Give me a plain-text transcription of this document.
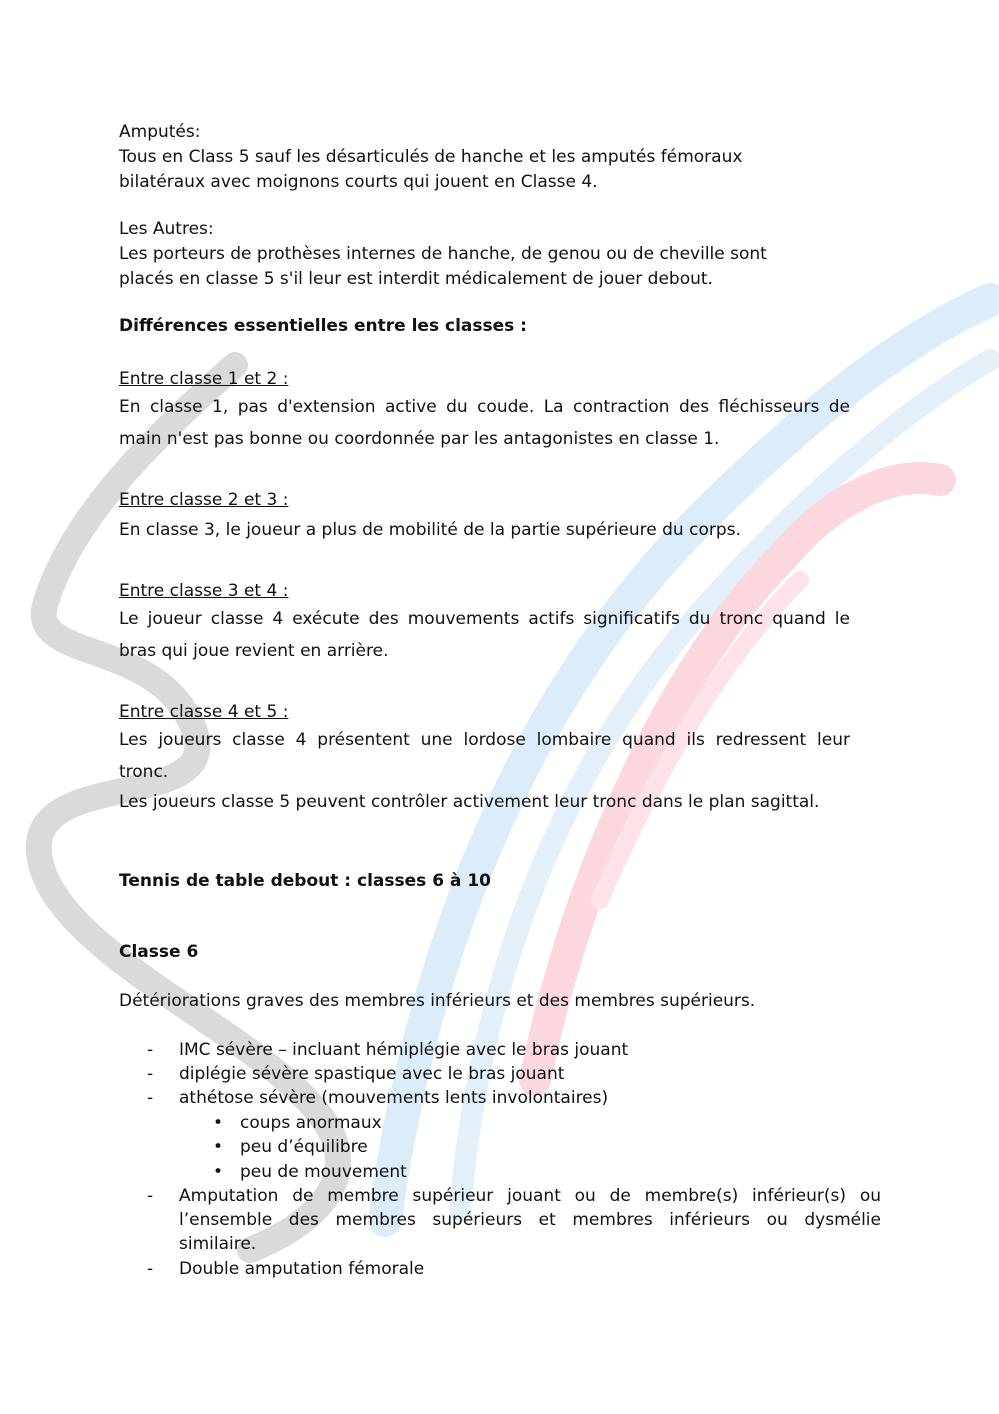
Amputés:
Tous en Class 5 sauf les désarticulés de hanche et les amputés fémoraux
bilatéraux avec moignons courts qui jouent en Classe 4.
Les Autres:
Les porteurs de prothèses internes de hanche, de genou ou de cheville sont
placés en classe 5 s'il leur est interdit médicalement de jouer debout.
Différences essentielles entre les classes :
Entre classe 1 et 2 :
En classe 1, pas d'extension active du coude. La contraction des fléchisseurs de
main n'est pas bonne ou coordonnée par les antagonistes en classe 1.
Entre classe 2 et 3 :
En classe 3, le joueur a plus de mobilité de la partie supérieure du corps.
Entre classe 3 et 4 :
Le joueur classe 4 exécute des mouvements actifs significatifs du tronc quand le
bras qui joue revient en arrière.
Entre classe 4 et 5 :
Les joueurs classe 4 présentent une lordose lombaire quand ils redressent leur
tronc.
Les joueurs classe 5 peuvent contrôler activement leur tronc dans le plan sagittal.
Tennis de table debout : classes 6 à 10
Classe 6
Détériorations graves des membres inférieurs et des membres supérieurs.
- IMC sévère – incluant hémiplégie avec le bras jouant
- diplégie sévère spastique avec le bras jouant
- athétose sévère (mouvements lents involontaires)
• coups anormaux
• peu d’équilibre
• peu de mouvement
- Amputation de membre supérieur jouant ou de membre(s) inférieur(s) ou
l’ensemble des membres supérieurs et membres inférieurs ou dysmélie
similaire.
- Double amputation fémorale
